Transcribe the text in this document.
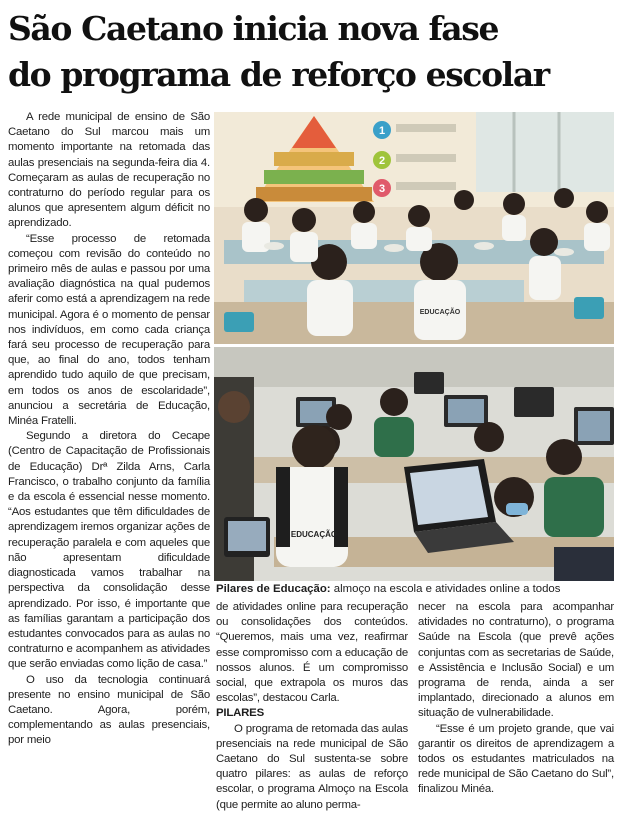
São Caetano inicia nova fase
do programa de reforço escolar

A rede municipal de ensino de São Caetano do Sul marcou mais um momento importante na retomada das aulas presenciais na segunda-feira dia 4. Começaram as aulas de recuperação no contraturno do período regular para os alunos que apresentem algum déficit no aprendizado.

“Esse processo de retomada começou com revisão do conteúdo no primeiro mês de aulas e passou por uma avaliação diagnóstica na qual pudemos aferir como está a aprendizagem na rede municipal. Agora é o momento de pensar nos indivíduos, em como cada criança fará seu processo de recuperação para que, ao final do ano, todos tenham aprendido tudo aquilo de que precisam, em todos os anos de escolaridade”, anunciou a secretária de Educação, Minéa Fratelli.

Segundo a diretora do Cecape (Centro de Capacitação de Profissionais de Educação) Drª Zilda Arns, Carla Francisco, o trabalho conjunto da família e da escola é essencial nesse momento. “Aos estudantes que têm dificuldades de aprendizagem iremos organizar ações de recuperação paralela e com aqueles que não apresentam dificuldade diagnosticada vamos trabalhar na perspectiva da consolidação desse aprendizado. Por isso, é importante que as famílias garantam a participação dos estudantes convocados para as aulas no contraturno e acompanhem as atividades que serão enviadas como lição de casa.”

O uso da tecnologia continuará presente no ensino municipal de São Caetano. Agora, porém, complementando as aulas presenciais, por meio

1
2
3
EDUCAÇÃO
EDUCAÇÃO
Pilares de Educação: almoço na escola e atividades online a todos

de atividades online para recuperação ou consolidações dos conteúdos. “Queremos, mais uma vez, reafirmar esse compromisso com a educação de nossos alunos. É um compromisso social, que extrapola os muros das escolas”, destacou Carla.

PILARES

O programa de retomada das aulas presenciais na rede municipal de São Caetano do Sul sustenta-se sobre quatro pilares: as aulas de reforço escolar, o programa Almoço na Escola (que permite ao aluno perma-

necer na escola para acompanhar atividades no contraturno), o programa Saúde na Escola (que prevê ações conjuntas com as secretarias de Saúde, e Assistência e Inclusão Social) e um programa de renda, ainda a ser implantado, direcionado a alunos em situação de vulnerabilidade.

“Esse é um projeto grande, que vai garantir os direitos de aprendizagem a todos os estudantes matriculados na rede municipal de São Caetano do Sul”, finalizou Minéa.
